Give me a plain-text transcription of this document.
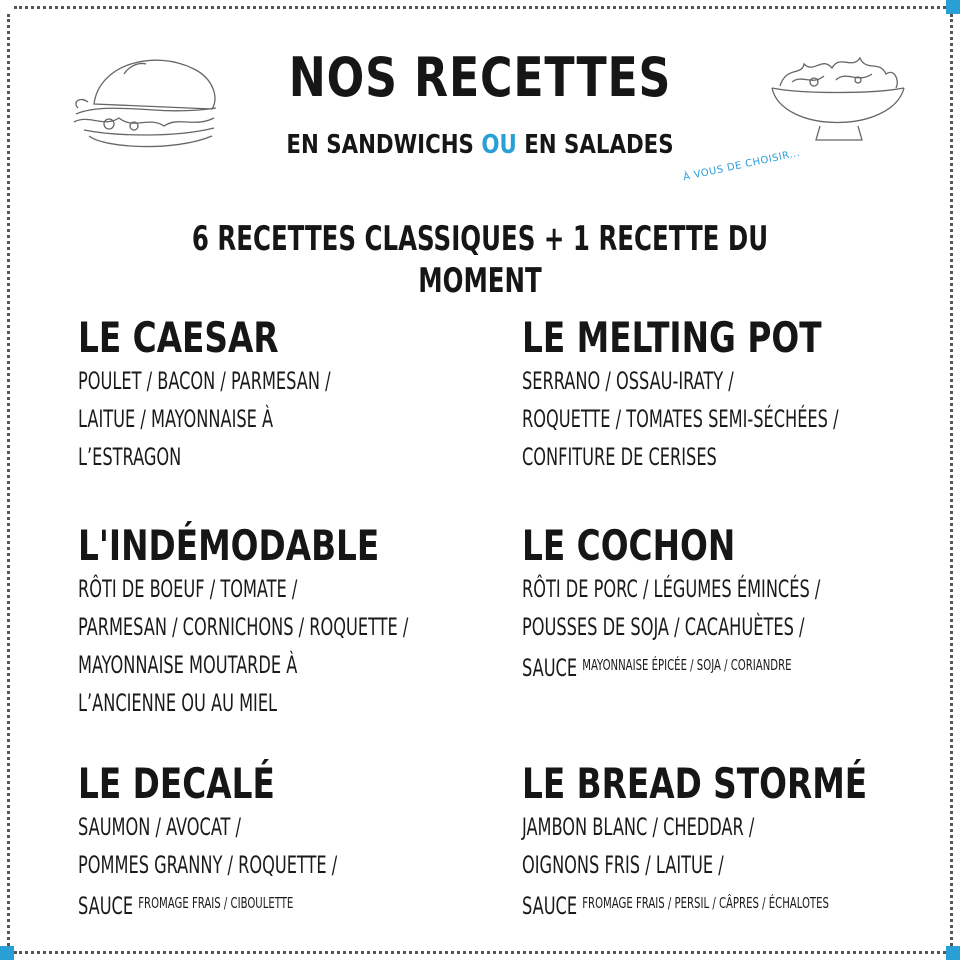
NOS RECETTES
EN SANDWICHS OU EN SALADES
À VOUS DE CHOISIR...
6 RECETTES CLASSIQUES + 1 RECETTE DU MOMENT
LE CAESAR
POULET / BACON / PARMESAN /
LAITUE / MAYONNAISE À
L’ESTRAGON
LE MELTING POT
SERRANO / OSSAU-IRATY /
ROQUETTE / TOMATES SEMI-SÉCHÉES /
CONFITURE DE CERISES
L'INDÉMODABLE
RÔTI DE BOEUF / TOMATE /
PARMESAN / CORNICHONS / ROQUETTE /
MAYONNAISE MOUTARDE À
L’ANCIENNE OU AU MIEL
LE COCHON
RÔTI DE PORC / LÉGUMES ÉMINCÉS /
POUSSES DE SOJA / CACAHUÈTES /
SAUCE $^{MAYONNAISE ÉPICÉE / SOJA / CORIANDRE}$
LE DECALÉ
SAUMON / AVOCAT /
POMMES GRANNY / ROQUETTE /
SAUCE $^{FROMAGE FRAIS / CIBOULETTE}$
LE BREAD STORMÉ
JAMBON BLANC / CHEDDAR /
OIGNONS FRIS / LAITUE /
SAUCE $^{FROMAGE FRAIS / PERSIL / CÂPRES / ÉCHALOTES}$
